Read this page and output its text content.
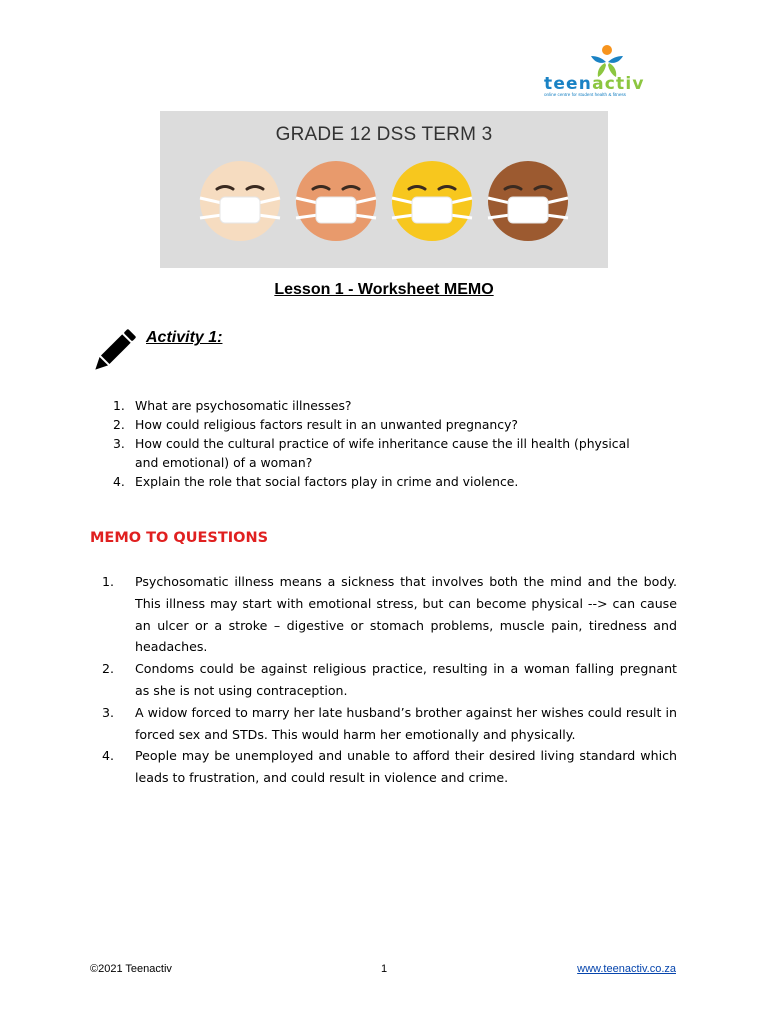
teenactiv
online centre for student health & fitness
GRADE 12 DSS TERM 3
Lesson 1 - Worksheet MEMO
Activity 1:
1. What are psychosomatic illnesses?
2. How could religious factors result in an unwanted pregnancy?
3. How could the cultural practice of wife inheritance cause the ill health (physical and emotional) of a woman?
4. Explain the role that social factors play in crime and violence.
MEMO TO QUESTIONS
1. Psychosomatic illness means a sickness that involves both the mind and the body. This illness may start with emotional stress, but can become physical --> can cause an ulcer or a stroke – digestive or stomach problems, muscle pain, tiredness and headaches.
2. Condoms could be against religious practice, resulting in a woman falling pregnant as she is not using contraception.
3. A widow forced to marry her late husband’s brother against her wishes could result in forced sex and STDs. This would harm her emotionally and physically.
4. People may be unemployed and unable to afford their desired living standard which leads to frustration, and could result in violence and crime.
©2021 Teenactiv	1	www.teenactiv.co.za
